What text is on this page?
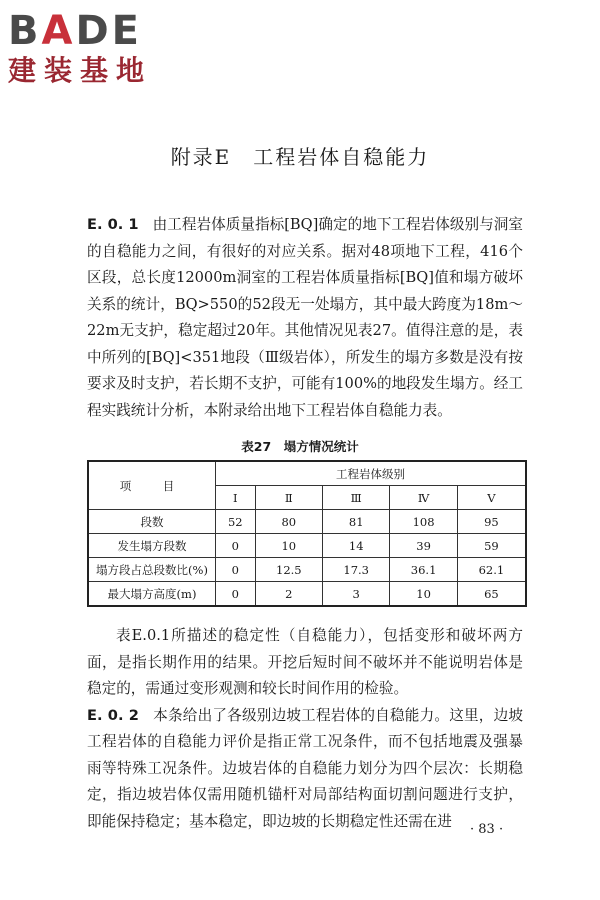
BADE
建装基地
附录E　工程岩体自稳能力

E. 0. 1 由工程岩体质量指标[BQ]确定的地下工程岩体级别与洞室的自稳能力之间，有很好的对应关系。据对48项地下工程，416个区段，总长度12000m洞室的工程岩体质量指标[BQ]值和塌方破坏关系的统计，BQ>550的52段无一处塌方，其中最大跨度为18m～22m无支护，稳定超过20年。其他情况见表27。值得注意的是，表中所列的[BQ]<351地段（Ⅲ级岩体），所发生的塌方多数是没有按要求及时支护，若长期不支护，可能有100%的地段发生塌方。经工程实践统计分析，本附录给出地下工程岩体自稳能力表。

表27　塌方情况统计
项　目	工程岩体级别				
	Ⅰ	Ⅱ	Ⅲ	Ⅳ	Ⅴ
段数	52	80	81	108	95
发生塌方段数	0	10	14	39	59
塌方段占总段数比(%)	0	12.5	17.3	36.1	62.1
最大塌方高度(m)	0	2	3	10	65

表E.0.1所描述的稳定性（自稳能力），包括变形和破坏两方面，是指长期作用的结果。开挖后短时间不破坏并不能说明岩体是稳定的，需通过变形观测和较长时间作用的检验。

E. 0. 2 本条给出了各级别边坡工程岩体的自稳能力。这里，边坡工程岩体的自稳能力评价是指正常工况条件，而不包括地震及强暴雨等特殊工况条件。边坡岩体的自稳能力划分为四个层次：长期稳定，指边坡岩体仅需用随机锚杆对局部结构面切割问题进行支护，即能保持稳定；基本稳定，即边坡的长期稳定性还需在进	· 83 ·
